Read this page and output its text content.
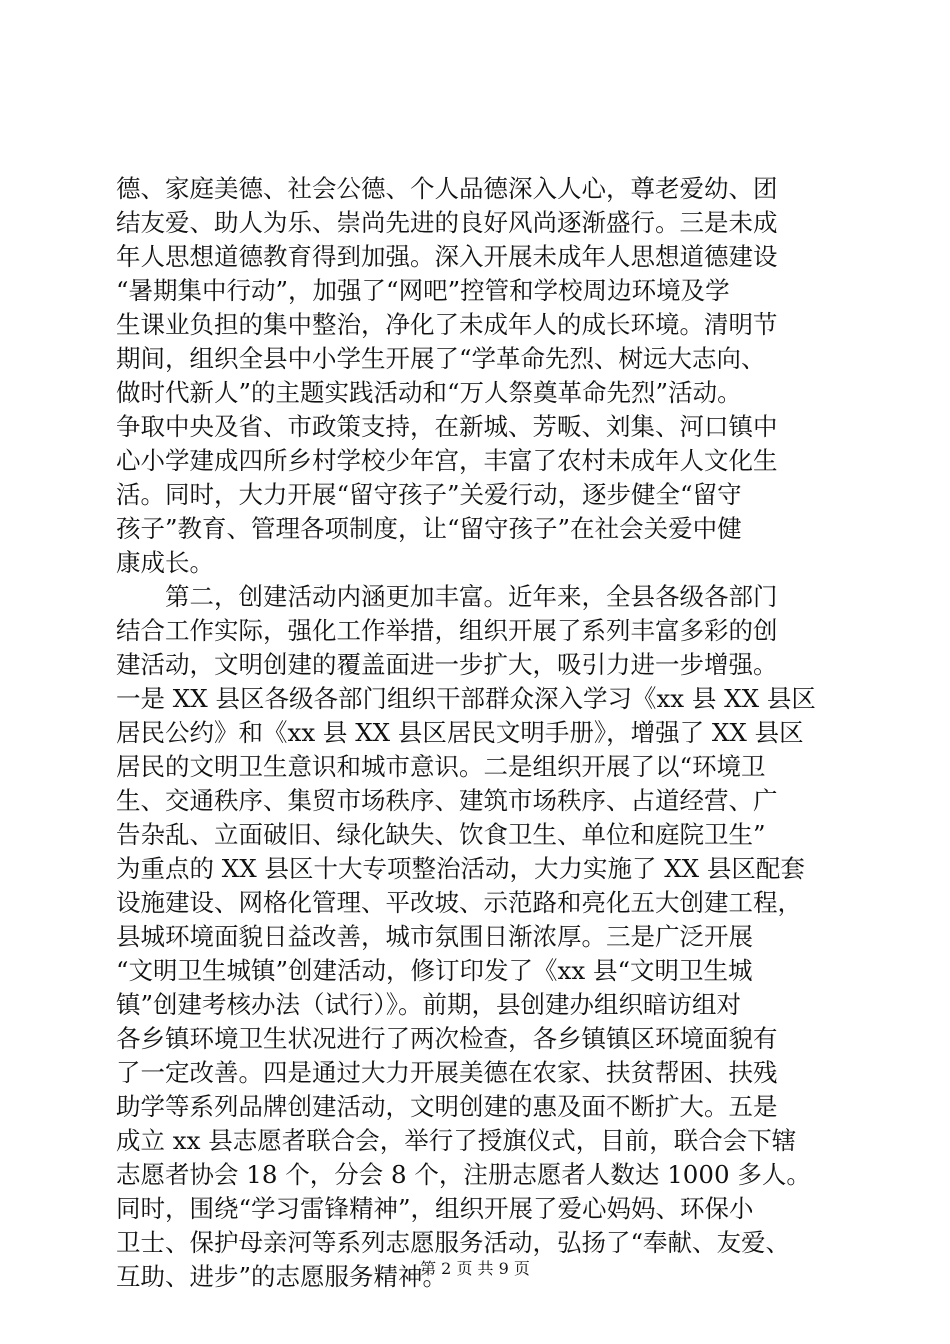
德、家庭美德、社会公德、个人品德深入人心，尊老爱幼、团
结友爱、助人为乐、崇尚先进的良好风尚逐渐盛行。三是未成
年人思想道德教育得到加强。深入开展未成年人思想道德建设
“暑期集中行动”，加强了“网吧”控管和学校周边环境及学
生课业负担的集中整治，净化了未成年人的成长环境。清明节
期间，组织全县中小学生开展了“学革命先烈、树远大志向、
做时代新人”的主题实践活动和“万人祭奠革命先烈”活动。
争取中央及省、市政策支持，在新城、芳畈、刘集、河口镇中
心小学建成四所乡村学校少年宫，丰富了农村未成年人文化生
活。同时，大力开展“留守孩子”关爱行动，逐步健全“留守
孩子”教育、管理各项制度，让“留守孩子”在社会关爱中健
康成长。
　　第二，创建活动内涵更加丰富。近年来，全县各级各部门
结合工作实际，强化工作举措，组织开展了系列丰富多彩的创
建活动，文明创建的覆盖面进一步扩大，吸引力进一步增强。
一是 XX 县区各级各部门组织干部群众深入学习《xx 县 XX 县区
居民公约》和《xx 县 XX 县区居民文明手册》，增强了 XX 县区
居民的文明卫生意识和城市意识。二是组织开展了以“环境卫
生、交通秩序、集贸市场秩序、建筑市场秩序、占道经营、广
告杂乱、立面破旧、绿化缺失、饮食卫生、单位和庭院卫生”
为重点的 XX 县区十大专项整治活动，大力实施了 XX 县区配套
设施建设、网格化管理、平改坡、示范路和亮化五大创建工程，
县城环境面貌日益改善，城市氛围日渐浓厚。三是广泛开展
“文明卫生城镇”创建活动，修订印发了《xx 县“文明卫生城
镇”创建考核办法（试行）》。前期，县创建办组织暗访组对
各乡镇环境卫生状况进行了两次检查，各乡镇镇区环境面貌有
了一定改善。四是通过大力开展美德在农家、扶贫帮困、扶残
助学等系列品牌创建活动，文明创建的惠及面不断扩大。五是
成立 xx 县志愿者联合会，举行了授旗仪式，目前，联合会下辖
志愿者协会 18 个，分会 8 个，注册志愿者人数达 1000 多人。
同时，围绕“学习雷锋精神”，组织开展了爱心妈妈、环保小
卫士、保护母亲河等系列志愿服务活动，弘扬了“奉献、友爱、
互助、进步”的志愿服务精神。
第 2 页 共 9 页
